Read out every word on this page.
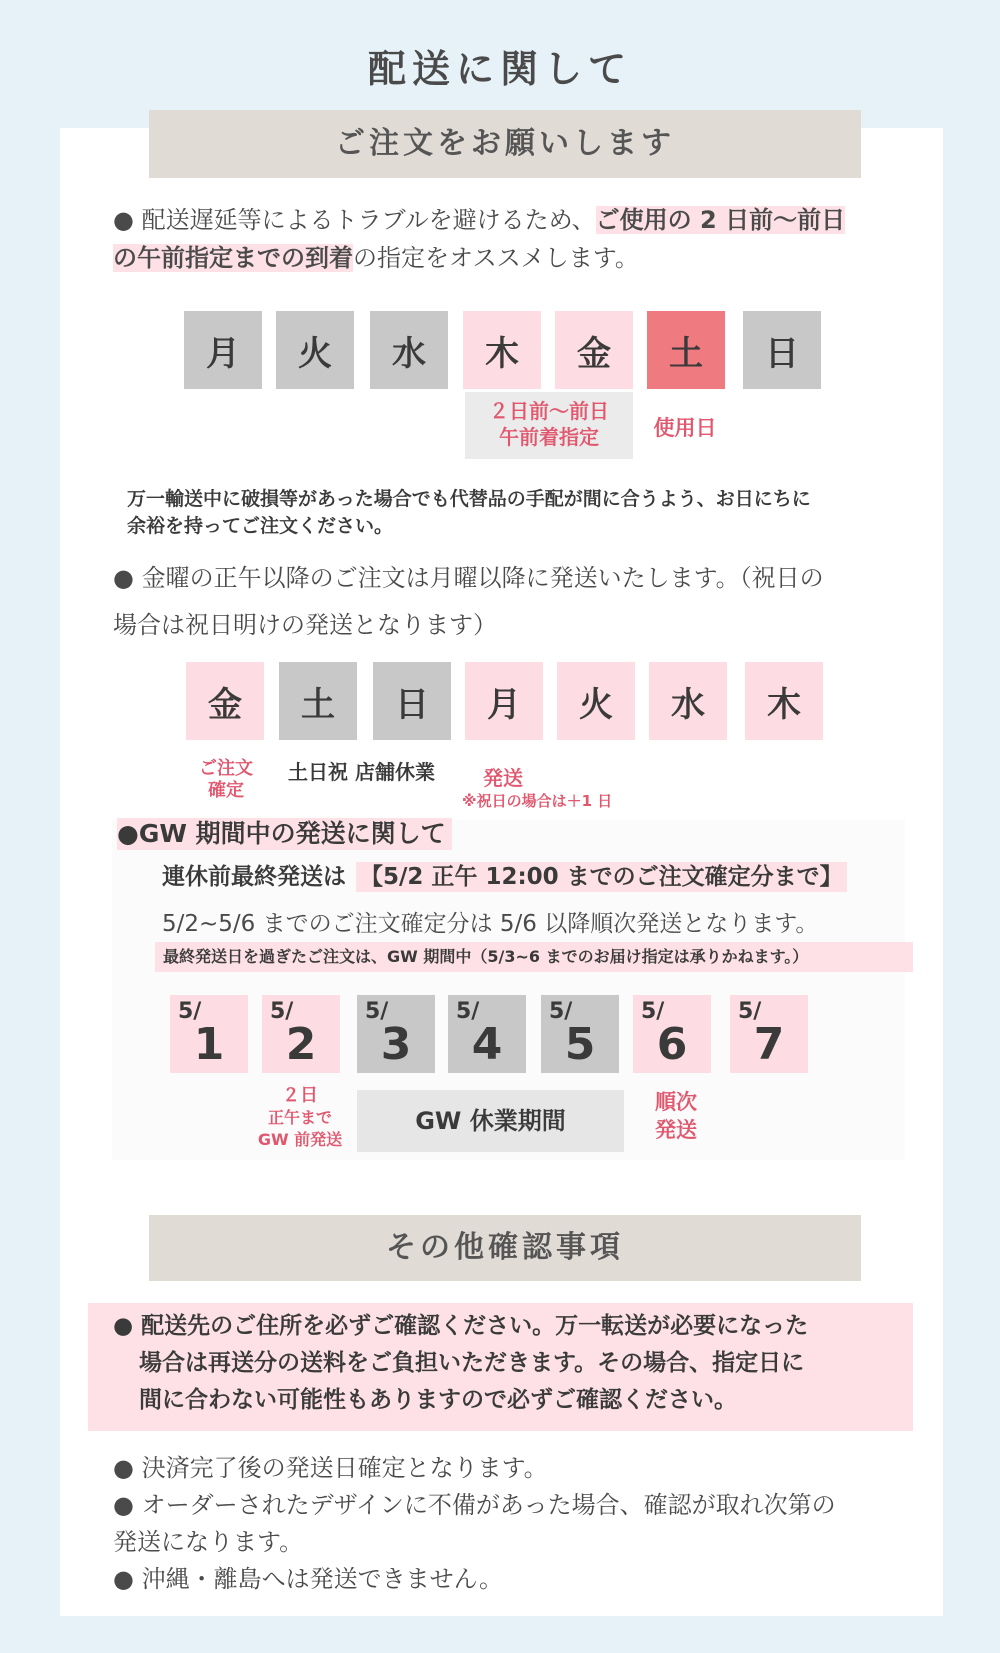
配送に関して
ご注文をお願いします
● 配送遅延等によるトラブルを避けるため、ご使用の 2 日前〜前日
の午前指定までの到着の指定をオススメします。
月	火	水	木	金	土	日
２日前〜前日
午前着指定	使用日
万一輸送中に破損等があった場合でも代替品の手配が間に合うよう、お日にちに
余裕を持ってご注文ください。
● 金曜の正午以降のご注文は月曜以降に発送いたします。（祝日の
場合は祝日明けの発送となります）
金	土	日	月	火	水	木
ご注文
確定
土日祝 店舗休業	発送
※祝日の場合は＋1 日
●GW 期間中の発送に関して
連休前最終発送は 【5/2 正午 12:00 までのご注文確定分まで】
5/2~5/6 までのご注文確定分は 5/6 以降順次発送となります。
最終発送日を過ぎたご注文は、GW 期間中（5/3~6 までのお届け指定は承りかねます。）
5/
1
5/
2
5/
3
5/
4
5/
5
5/
6
5/
7
２日
正午まで
GW 前発送
GW 休業期間
順次
発送
その他確認事項
● 配送先のご住所を必ずご確認ください。万一転送が必要になった
場合は再送分の送料をご負担いただきます。その場合、指定日に
間に合わない可能性もありますので必ずご確認ください。
● 決済完了後の発送日確定となります。
● オーダーされたデザインに不備があった場合、確認が取れ次第の
発送になります。
● 沖縄・離島へは発送できません。
